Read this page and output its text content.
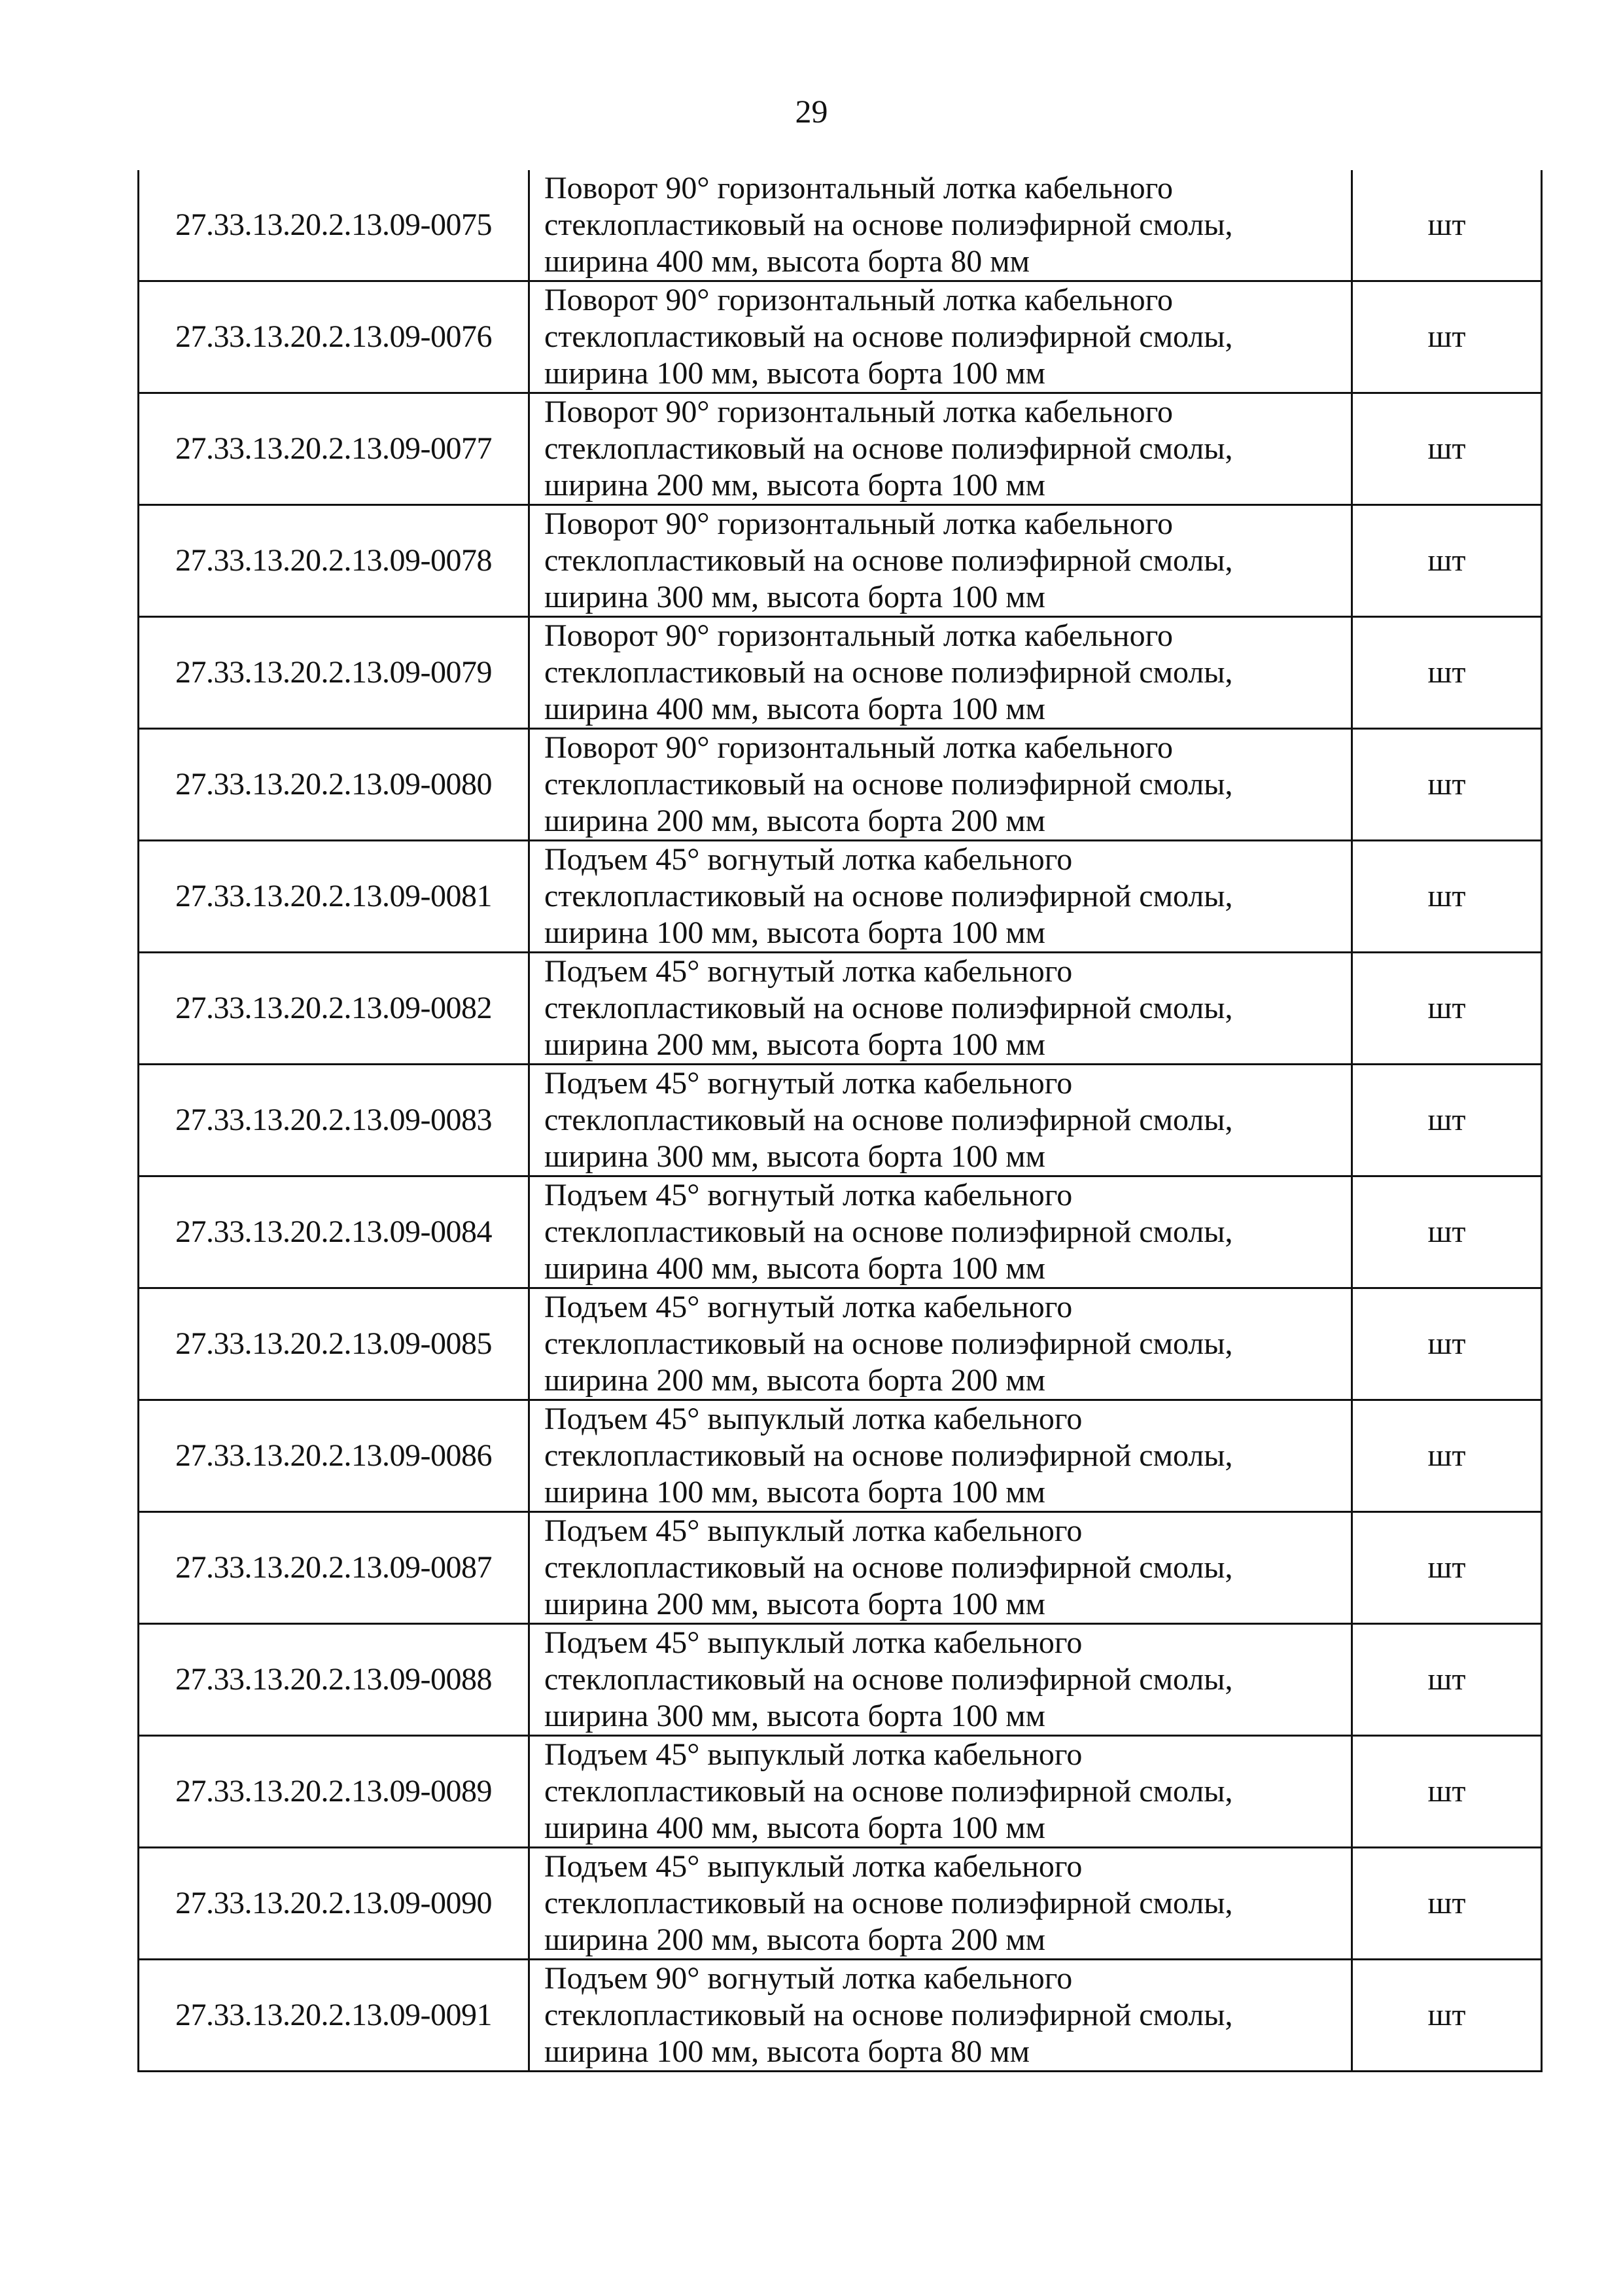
29
27.33.13.20.2.13.09-0075	Поворот 90° горизонтальный лотка кабельного
стеклопластиковый на основе полиэфирной смолы,
ширина 400 мм, высота борта 80 мм	шт
27.33.13.20.2.13.09-0076	Поворот 90° горизонтальный лотка кабельного
стеклопластиковый на основе полиэфирной смолы,
ширина 100 мм, высота борта 100 мм	шт
27.33.13.20.2.13.09-0077	Поворот 90° горизонтальный лотка кабельного
стеклопластиковый на основе полиэфирной смолы,
ширина 200 мм, высота борта 100 мм	шт
27.33.13.20.2.13.09-0078	Поворот 90° горизонтальный лотка кабельного
стеклопластиковый на основе полиэфирной смолы,
ширина 300 мм, высота борта 100 мм	шт
27.33.13.20.2.13.09-0079	Поворот 90° горизонтальный лотка кабельного
стеклопластиковый на основе полиэфирной смолы,
ширина 400 мм, высота борта 100 мм	шт
27.33.13.20.2.13.09-0080	Поворот 90° горизонтальный лотка кабельного
стеклопластиковый на основе полиэфирной смолы,
ширина 200 мм, высота борта 200 мм	шт
27.33.13.20.2.13.09-0081	Подъем 45° вогнутый лотка кабельного
стеклопластиковый на основе полиэфирной смолы,
ширина 100 мм, высота борта 100 мм	шт
27.33.13.20.2.13.09-0082	Подъем 45° вогнутый лотка кабельного
стеклопластиковый на основе полиэфирной смолы,
ширина 200 мм, высота борта 100 мм	шт
27.33.13.20.2.13.09-0083	Подъем 45° вогнутый лотка кабельного
стеклопластиковый на основе полиэфирной смолы,
ширина 300 мм, высота борта 100 мм	шт
27.33.13.20.2.13.09-0084	Подъем 45° вогнутый лотка кабельного
стеклопластиковый на основе полиэфирной смолы,
ширина 400 мм, высота борта 100 мм	шт
27.33.13.20.2.13.09-0085	Подъем 45° вогнутый лотка кабельного
стеклопластиковый на основе полиэфирной смолы,
ширина 200 мм, высота борта 200 мм	шт
27.33.13.20.2.13.09-0086	Подъем 45° выпуклый лотка кабельного
стеклопластиковый на основе полиэфирной смолы,
ширина 100 мм, высота борта 100 мм	шт
27.33.13.20.2.13.09-0087	Подъем 45° выпуклый лотка кабельного
стеклопластиковый на основе полиэфирной смолы,
ширина 200 мм, высота борта 100 мм	шт
27.33.13.20.2.13.09-0088	Подъем 45° выпуклый лотка кабельного
стеклопластиковый на основе полиэфирной смолы,
ширина 300 мм, высота борта 100 мм	шт
27.33.13.20.2.13.09-0089	Подъем 45° выпуклый лотка кабельного
стеклопластиковый на основе полиэфирной смолы,
ширина 400 мм, высота борта 100 мм	шт
27.33.13.20.2.13.09-0090	Подъем 45° выпуклый лотка кабельного
стеклопластиковый на основе полиэфирной смолы,
ширина 200 мм, высота борта 200 мм	шт
27.33.13.20.2.13.09-0091	Подъем 90° вогнутый лотка кабельного
стеклопластиковый на основе полиэфирной смолы,
ширина 100 мм, высота борта 80 мм	шт
